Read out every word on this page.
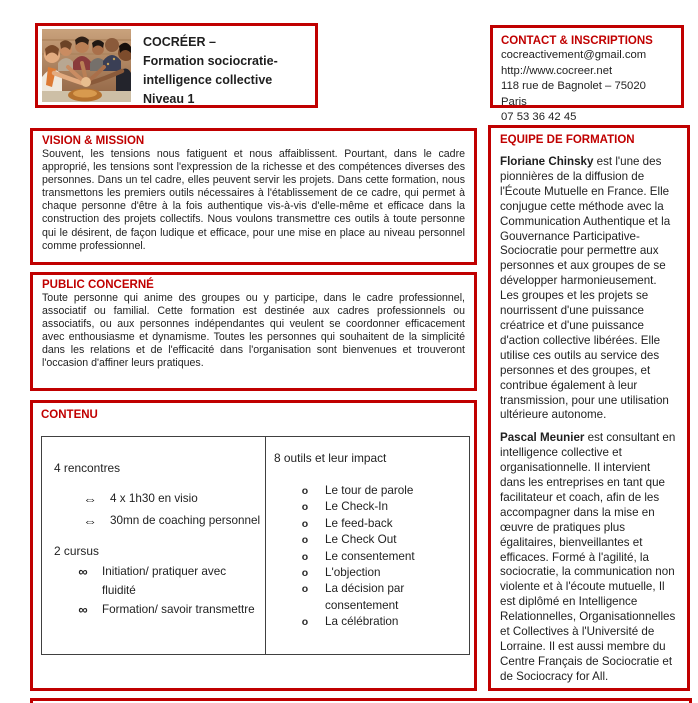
COCRÉER –
Formation sociocratie-
intelligence collective
Niveau 1
CONTACT & INSCRIPTIONS
cocreactivement@gmail.com
http://www.cocreer.net
118 rue de Bagnolet – 75020 Paris
07 53 36 42 45
VISION & MISSION
Souvent, les tensions nous fatiguent et nous affaiblissent. Pourtant, dans le cadre approprié, les tensions sont l'expression de la richesse et des compétences diverses des personnes. Dans un tel cadre, elles peuvent servir les projets. Dans cette formation, nous transmettons les premiers outils nécessaires à l'établissement de ce cadre, qui permet à chaque personne d'être à la fois authentique vis-à-vis d'elle-même et efficace dans la construction des projets collectifs. Nous voulons transmettre ces outils à toute personne qui le désirent, de façon ludique et efficace, pour une mise en place au niveau personnel comme professionnel.
PUBLIC CONCERNÉ
Toute personne qui anime des groupes ou y participe, dans le cadre professionnel, associatif ou familial. Cette formation est destinée aux cadres professionnels ou associatifs, ou aux personnes indépendantes qui veulent se coordonner efficacement avec enthousiasme et dynamisme. Toutes les personnes qui souhaitent de la simplicité dans les relations et de l'efficacité dans l'organisation sont bienvenues et trouveront l'occasion d'affiner leurs pratiques.
CONTENU
4 rencontres
⇔	4 x 1h30 en visio
⇔	30mn de coaching personnel
2 cursus
∞	Initiation/ pratiquer avec fluidité
∞	Formation/ savoir transmettre
8 outils et leur impact
o	Le tour de parole
o	Le Check-In
o	Le feed-back
o	Le Check Out
o	Le consentement
o	L'objection
o	La décision par consentement
o	La célébration
EQUIPE DE FORMATION

Floriane Chinsky est l'une des pionnières de la diffusion de l'Écoute Mutuelle en France. Elle conjugue cette méthode avec la Communication Authentique et la Gouvernance Participative-Sociocratie pour permettre aux personnes et aux groupes de se développer harmonieusement. Les groupes et les projets se nourrissent d'une puissance créatrice et d'une puissance d'action collective libérées. Elle utilise ces outils au service des personnes et des groupes, et contribue également à leur transmission, pour une utilisation ultérieure autonome.

Pascal Meunier est consultant en intelligence collective et organisationnelle. Il intervient dans les entreprises en tant que facilitateur et coach, afin de les accompagner dans la mise en œuvre de pratiques plus égalitaires, bienveillantes et efficaces. Formé à l'agilité, la sociocratie, la communication non violente et à l'écoute mutuelle, Il est diplômé en Intelligence Relationnelles, Organisationnelles et Collectives à l'Université de Lorraine. Il est aussi membre du Centre Français de Sociocratie et de Sociocracy for All.
